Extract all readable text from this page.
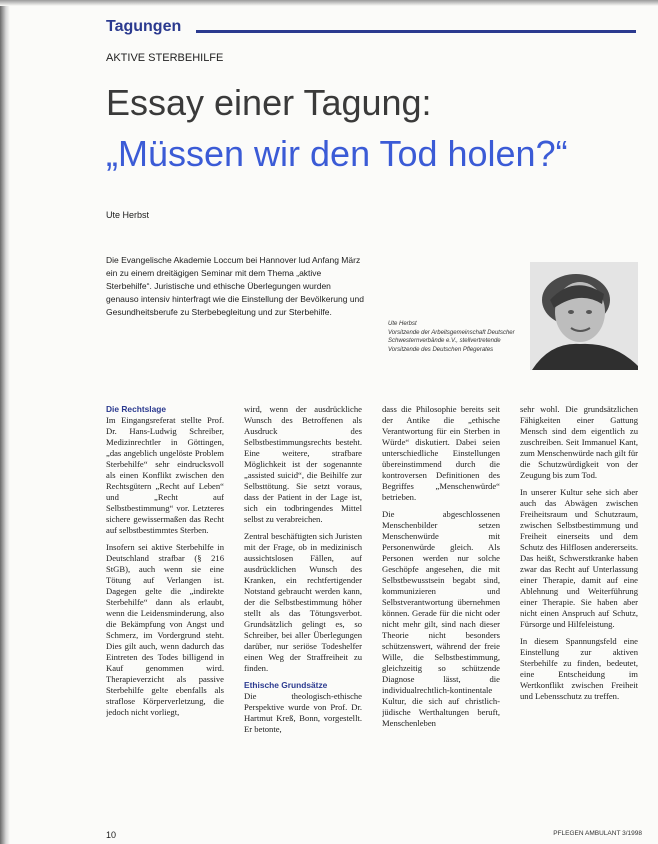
Tagungen
AKTIVE STERBEHILFE
Essay einer Tagung:
„Müssen wir den Tod holen?“
Ute Herbst
Die Evangelische Akademie Loccum bei Hannover lud Anfang März ein zu einem dreitägigen Seminar mit dem Thema „aktive Sterbehilfe“. Juristische und ethische Überlegungen wurden genauso intensiv hinterfragt wie die Einstellung der Bevölkerung und Gesundheitsberufe zu Sterbebegleitung und zur Sterbehilfe.
Ute Herbst
Vorsitzende der Arbeitsgemeinschaft Deutscher Schwesternverbände e.V., stellvertretende Vorsitzende des Deutschen Pflegerates
Die Rechtslage

Im Eingangsreferat stellte Prof. Dr. Hans-Ludwig Schreiber, Medizinrechtler in Göttingen, „das angeblich ungelöste Problem Sterbehilfe“ sehr eindrucksvoll als einen Konflikt zwischen den Rechtsgütern „Recht auf Leben“ und „Recht auf Selbstbestimmung“ vor. Letzteres sichere gewissermaßen das Recht auf selbstbestimmtes Sterben.

Insofern sei aktive Sterbehilfe in Deutschland strafbar (§ 216 StGB), auch wenn sie eine Tötung auf Verlangen ist. Dagegen gelte die „indirekte Sterbehilfe“ dann als erlaubt, wenn die Leidensminderung, also die Bekämpfung von Angst und Schmerz, im Vordergrund steht. Dies gilt auch, wenn dadurch das Eintreten des Todes billigend in Kauf genommen wird. Therapieverzicht als passive Sterbehilfe gelte ebenfalls als straflose Körperverletzung, die jedoch nicht vorliegt,

wird, wenn der ausdrückliche Wunsch des Betroffenen als Ausdruck des Selbstbestimmungsrechts besteht. Eine weitere, strafbare Möglichkeit ist der sogenannte „assisted suicid“, die Beihilfe zur Selbsttötung. Sie setzt voraus, dass der Patient in der Lage ist, sich ein todbringendes Mittel selbst zu verabreichen.

Zentral beschäftigten sich Juristen mit der Frage, ob in medizinisch aussichtslosen Fällen, auf ausdrücklichen Wunsch des Kranken, ein rechtfertigender Notstand gebraucht werden kann, der die Selbstbestimmung höher stellt als das Tötungsverbot. Grundsätzlich gelingt es, so Schreiber, bei aller Überlegungen darüber, nur seriöse Todeshelfer einen Weg der Straffreiheit zu finden.

Ethische Grundsätze

Die theologisch-ethische Perspektive wurde von Prof. Dr. Hartmut Kreß, Bonn, vorgestellt. Er betonte,

dass die Philosophie bereits seit der Antike die „ethische Verantwortung für ein Sterben in Würde“ diskutiert. Dabei seien unterschiedliche Einstellungen übereinstimmend durch die kontroversen Definitionen des Begriffes „Menschenwürde“ betrieben.

Die abgeschlossenen Menschenbilder setzen Menschenwürde mit Personenwürde gleich. Als Personen werden nur solche Geschöpfe angesehen, die mit Selbstbewusstsein begabt sind, kommunizieren und Selbstverantwortung übernehmen können. Gerade für die nicht oder nicht mehr gilt, sind nach dieser Theorie nicht besonders schützenswert, während der freie Wille, die Selbstbestimmung, gleichzeitig so schützende Diagnose lässt, die individualrechtlich-kontinentale Kultur, die sich auf christlich-jüdische Werthaltungen beruft, Menschenleben

sehr wohl. Die grundsätzlichen Fähigkeiten einer Gattung Mensch sind dem eigentlich zu zuschreiben. Seit Immanuel Kant, zum Menschenwürde nach gilt für die Schutzwürdigkeit von der Zeugung bis zum Tod.

In unserer Kultur sehe sich aber auch das Abwägen zwischen Freiheitsraum und Schutzraum, zwischen Selbstbestimmung und Freiheit einerseits und dem Schutz des Hilflosen andererseits. Das heißt, Schwerstkranke haben zwar das Recht auf Unterlassung einer Therapie, damit auf eine Ablehnung und Weiterführung einer Therapie. Sie haben aber nicht einen Anspruch auf Schutz, Fürsorge und Hilfeleistung.

In diesem Spannungsfeld eine Einstellung zur aktiven Sterbehilfe zu finden, bedeutet, eine Entscheidung im Wertkonflikt zwischen Freiheit und Lebensschutz zu treffen.

10	PFLEGEN AMBULANT 3/1998
